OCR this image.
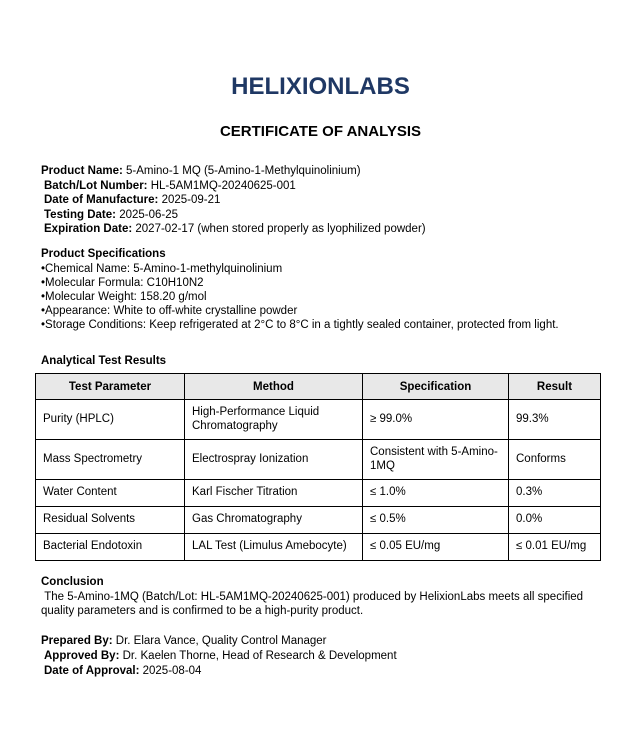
HELIXIONLABS
CERTIFICATE OF ANALYSIS
Product Name: 5-Amino-1 MQ (5-Amino-1-Methylquinolinium)
Batch/Lot Number: HL-5AM1MQ-20240625-001
Date of Manufacture: 2025-09-21
Testing Date: 2025-06-25
Expiration Date: 2027-02-17 (when stored properly as lyophilized powder)
Product Specifications
• Chemical Name: 5-Amino-1-methylquinolinium
• Molecular Formula: C10H10N2
• Molecular Weight: 158.20 g/mol
• Appearance: White to off-white crystalline powder
• Storage Conditions: Keep refrigerated at 2°C to 8°C in a tightly sealed container, protected from light.
Analytical Test Results
Test Parameter	Method	Specification	Result
Purity (HPLC)	High-Performance Liquid Chromatography	≥ 99.0%	99.3%
Mass Spectrometry	Electrospray Ionization	Consistent with 5-Amino-1MQ	Conforms
Water Content	Karl Fischer Titration	≤ 1.0%	0.3%
Residual Solvents	Gas Chromatography	≤ 0.5%	0.0%
Bacterial Endotoxin	LAL Test (Limulus Amebocyte)	≤ 0.05 EU/mg	≤ 0.01 EU/mg
Conclusion
The 5-Amino-1MQ (Batch/Lot: HL-5AM1MQ-20240625-001) produced by HelixionLabs meets all specified quality parameters and is confirmed to be a high-purity product.
Prepared By: Dr. Elara Vance, Quality Control Manager
Approved By: Dr. Kaelen Thorne, Head of Research & Development
Date of Approval: 2025-08-04
